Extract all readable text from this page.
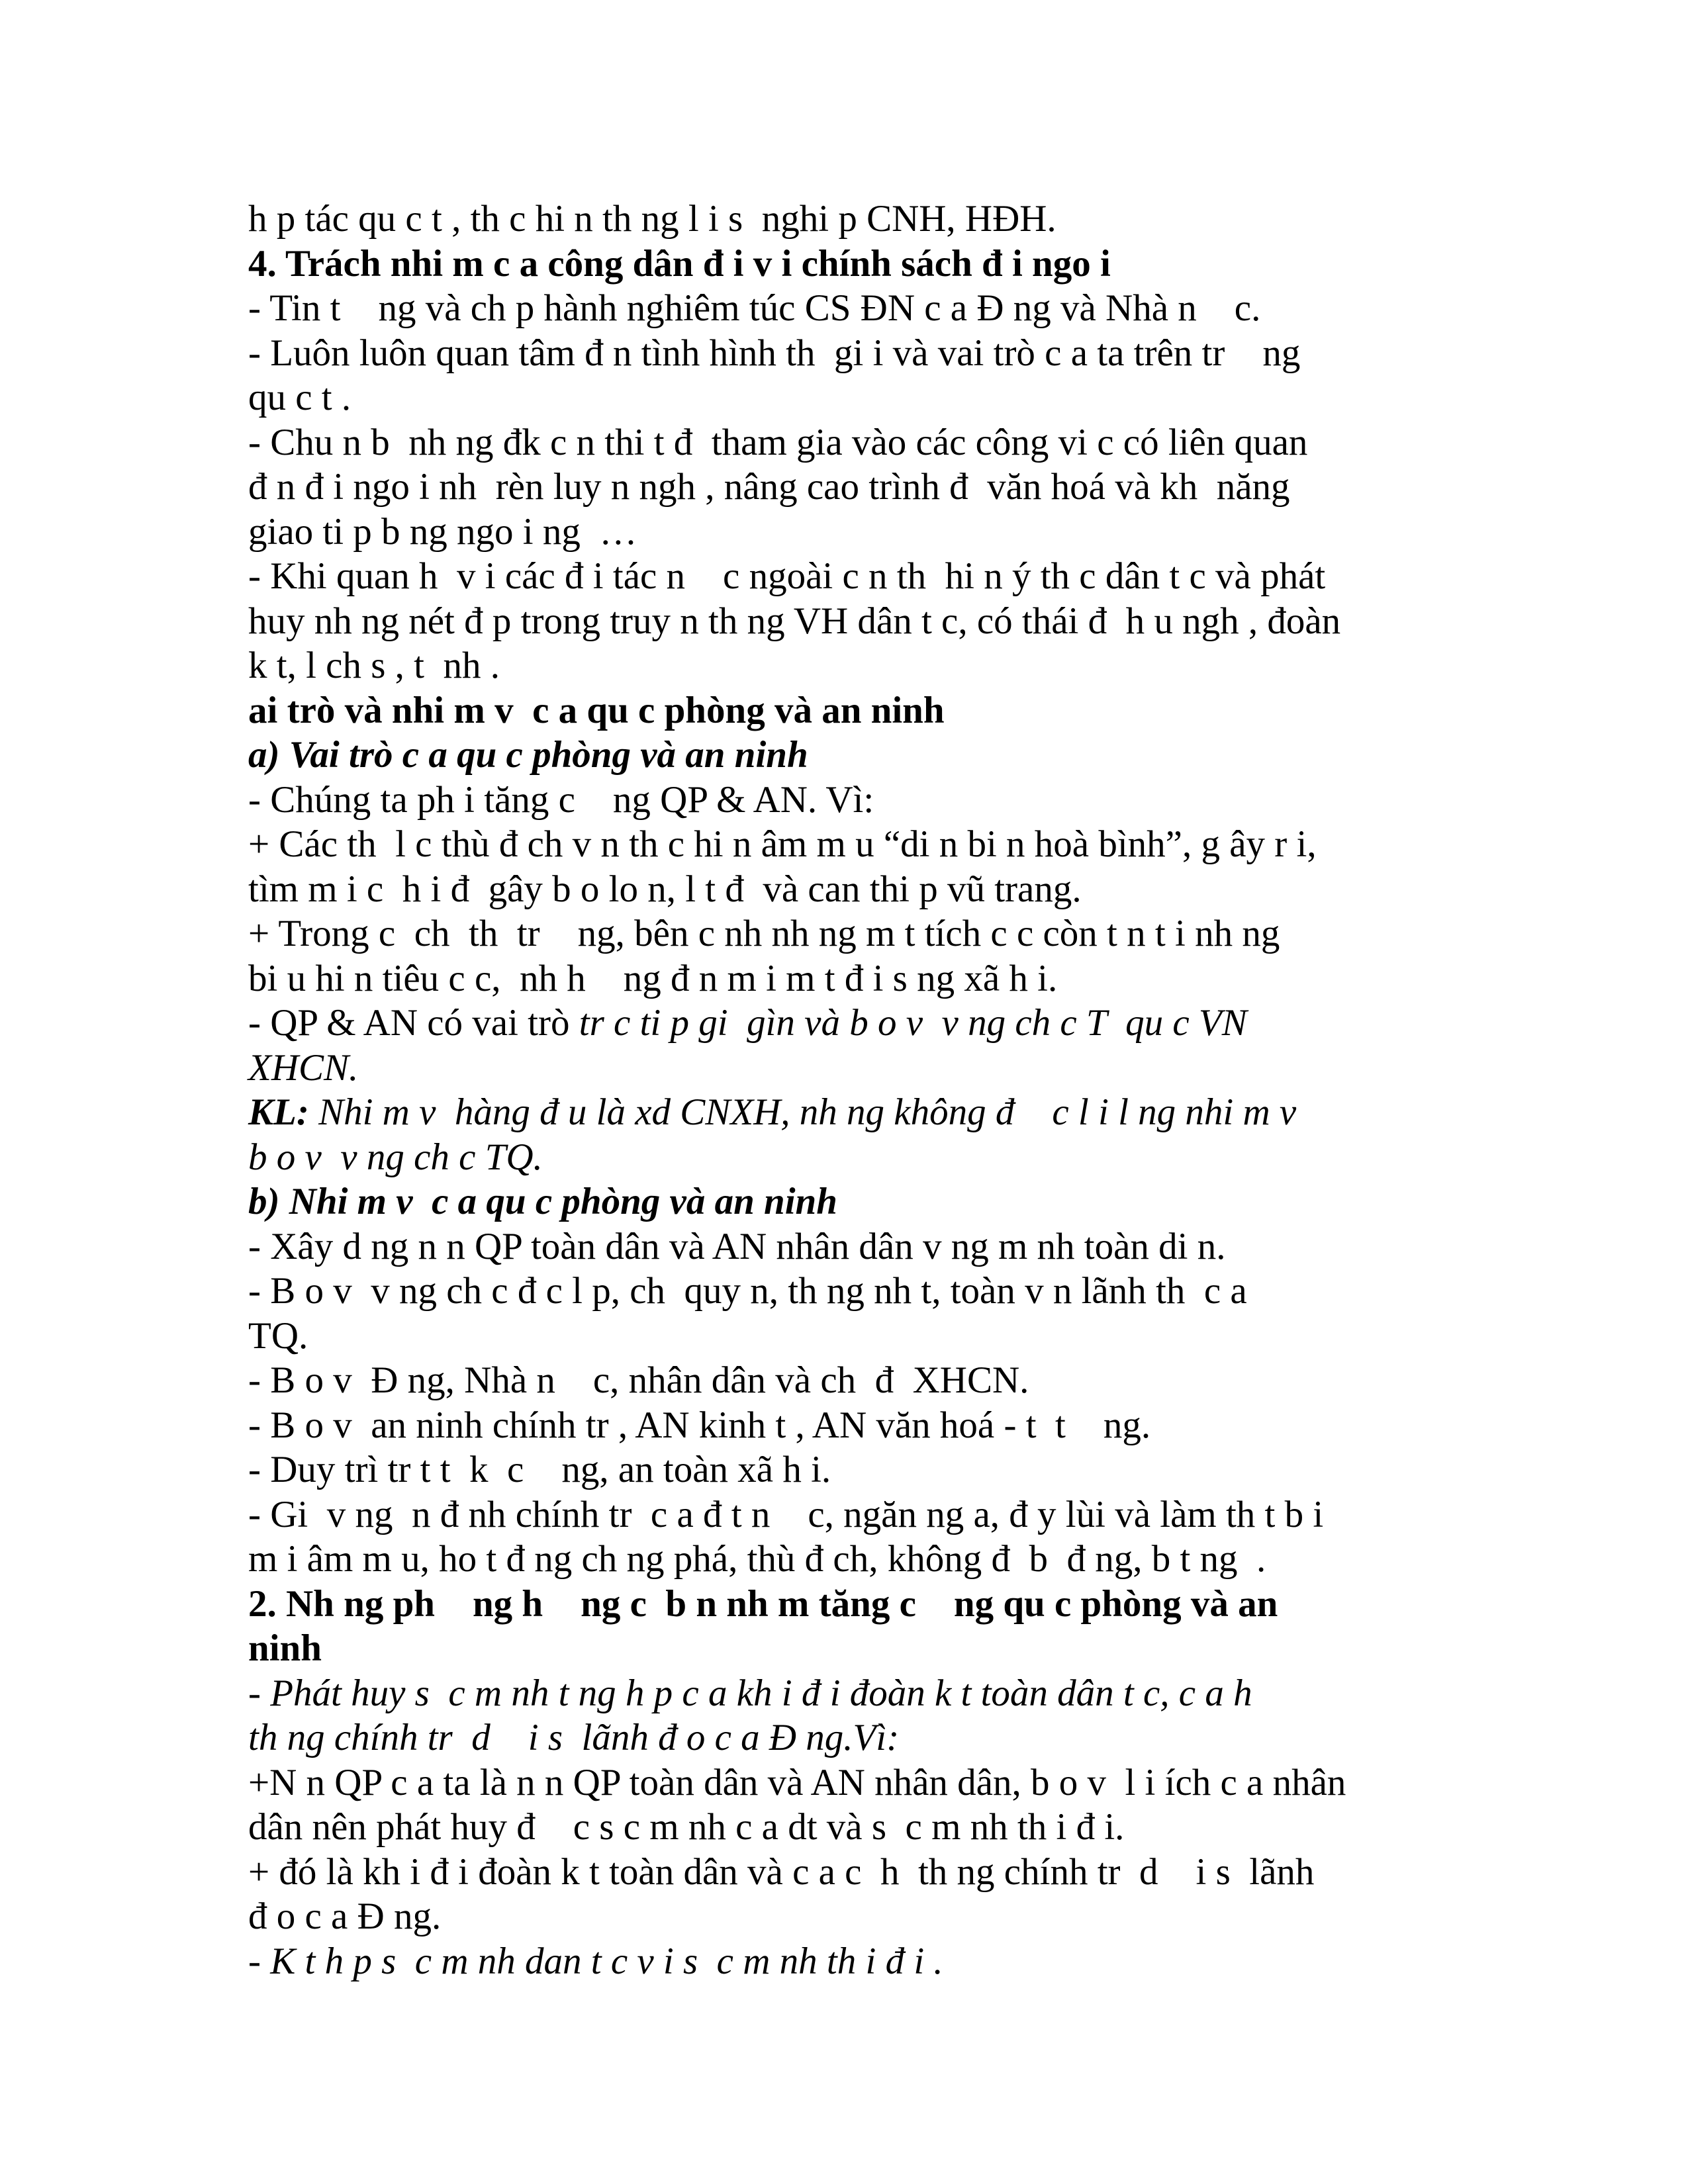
h p tác qu c t , th c hi n th ng l i s  nghi p CNH, HĐH.
4. Trách nhi m c a công dân đ i v i chính sách đ i ngo i
- Tin t    ng và ch p hành nghiêm túc CS ĐN c a Đ ng và Nhà n    c.
- Luôn luôn quan tâm đ n tình hình th  gi i và vai trò c a ta trên tr    ng
qu c t .
- Chu n b  nh ng đk c n thi t đ  tham gia vào các công vi c có liên quan
đ n đ i ngo i nh  rèn luy n ngh , nâng cao trình đ  văn hoá và kh  năng
giao ti p b ng ngo i ng  …
- Khi quan h  v i các đ i tác n    c ngoài c n th  hi n ý th c dân t c và phát
huy nh ng nét đ p trong truy n th ng VH dân t c, có thái đ  h u ngh , đoàn
k t, l ch s , t  nh .
ai trò và nhi m v  c a qu c phòng và an ninh
a) Vai trò c a qu c phòng và an ninh
- Chúng ta ph i tăng c    ng QP & AN. Vì:
+ Các th  l c thù đ ch v n th c hi n âm m u “di n bi n hoà bình”, g ây r i,
tìm m i c  h i đ  gây b o lo n, l t đ  và can thi p vũ trang.
+ Trong c  ch  th  tr    ng, bên c nh nh ng m t tích c c còn t n t i nh ng
bi u hi n tiêu c c,  nh h    ng đ n m i m t đ i s ng xã h i.
- QP & AN có vai trò tr c ti p gi  gìn và b o v  v ng ch c T  qu c VN
XHCN.
KL: Nhi m v  hàng đ u là xd CNXH, nh ng không đ    c l i l ng nhi m v
b o v  v ng ch c TQ.
b) Nhi m v  c a qu c phòng và an ninh
- Xây d ng n n QP toàn dân và AN nhân dân v ng m nh toàn di n.
- B o v  v ng ch c đ c l p, ch  quy n, th ng nh t, toàn v n lãnh th  c a
TQ.
- B o v  Đ ng, Nhà n    c, nhân dân và ch  đ  XHCN.
- B o v  an ninh chính tr , AN kinh t , AN văn hoá - t  t    ng.
- Duy trì tr t t  k  c    ng, an toàn xã h i.
- Gi  v ng  n đ nh chính tr  c a đ t n    c, ngăn ng a, đ y lùi và làm th t b i
m i âm m u, ho t đ ng ch ng phá, thù đ ch, không đ  b  đ ng, b t ng  .
2. Nh ng ph    ng h    ng c  b n nh m tăng c    ng qu c phòng và an
ninh
- Phát huy s  c m nh t ng h p c a kh i đ i đoàn k t toàn dân t c, c a h
th ng chính tr  d    i s  lãnh đ o c a Đ ng.Vì:
+N n QP c a ta là n n QP toàn dân và AN nhân dân, b o v  l i ích c a nhân
dân nên phát huy đ    c s c m nh c a dt và s  c m nh th i đ i.
+ đó là kh i đ i đoàn k t toàn dân và c a c  h  th ng chính tr  d    i s  lãnh
đ o c a Đ ng.
- K t h p s  c m nh dan t c v i s  c m nh th i đ i .
